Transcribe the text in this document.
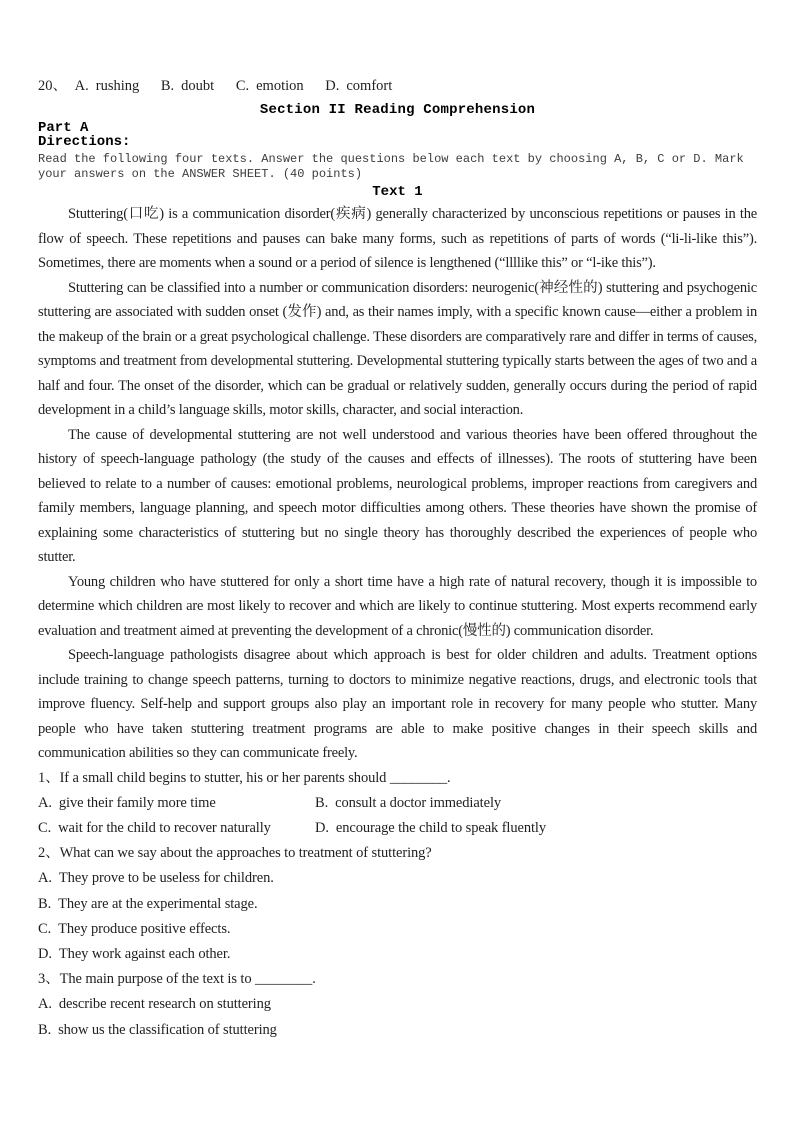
20、 A. rushing B. doubt C. emotion D. comfort
Section II Reading Comprehension
Part A
Directions:
Read the following four texts. Answer the questions below each text by choosing A, B, C or D. Mark your answers on the ANSWER SHEET. (40 points)
Text 1

Stuttering(口吃) is a communication disorder(疾病) generally characterized by unconscious repetitions or pauses in the flow of speech. These repetitions and pauses can bake many forms, such as repetitions of parts of words (“li-li-like this”). Sometimes, there are moments when a sound or a period of silence is lengthened (“llllike this” or “l-ike this”).

Stuttering can be classified into a number or communication disorders: neurogenic(神经性的) stuttering and psychogenic stuttering are associated with sudden onset (发作) and, as their names imply, with a specific known cause—either a problem in the makeup of the brain or a great psychological challenge. These disorders are comparatively rare and differ in terms of causes, symptoms and treatment from developmental stuttering. Developmental stuttering typically starts between the ages of two and a half and four. The onset of the disorder, which can be gradual or relatively sudden, generally occurs during the period of rapid development in a child’s language skills, motor skills, character, and social interaction.

The cause of developmental stuttering are not well understood and various theories have been offered throughout the history of speech-language pathology (the study of the causes and effects of illnesses). The roots of stuttering have been believed to relate to a number of causes: emotional problems, neurological problems, improper reactions from caregivers and family members, language planning, and speech motor difficulties among others. These theories have shown the promise of explaining some characteristics of stuttering but no single theory has thoroughly described the experiences of people who stutter.

Young children who have stuttered for only a short time have a high rate of natural recovery, though it is impossible to determine which children are most likely to recover and which are likely to continue stuttering. Most experts recommend early evaluation and treatment aimed at preventing the development of a chronic(慢性的) communication disorder.

Speech-language pathologists disagree about which approach is best for older children and adults. Treatment options include training to change speech patterns, turning to doctors to minimize negative reactions, drugs, and electronic tools that improve fluency. Self-help and support groups also play an important role in recovery for many people who stutter. Many people who have taken stuttering treatment programs are able to make positive changes in their speech skills and communication abilities so they can communicate freely.

1、If a small child begins to stutter, his or her parents should ________.
A. give their family more time	B. consult a doctor immediately
C. wait for the child to recover naturally	D. encourage the child to speak fluently
2、What can we say about the approaches to treatment of stuttering?
A. They prove to be useless for children.
B. They are at the experimental stage.
C. They produce positive effects.
D. They work against each other.
3、The main purpose of the text is to ________.
A. describe recent research on stuttering
B. show us the classification of stuttering
